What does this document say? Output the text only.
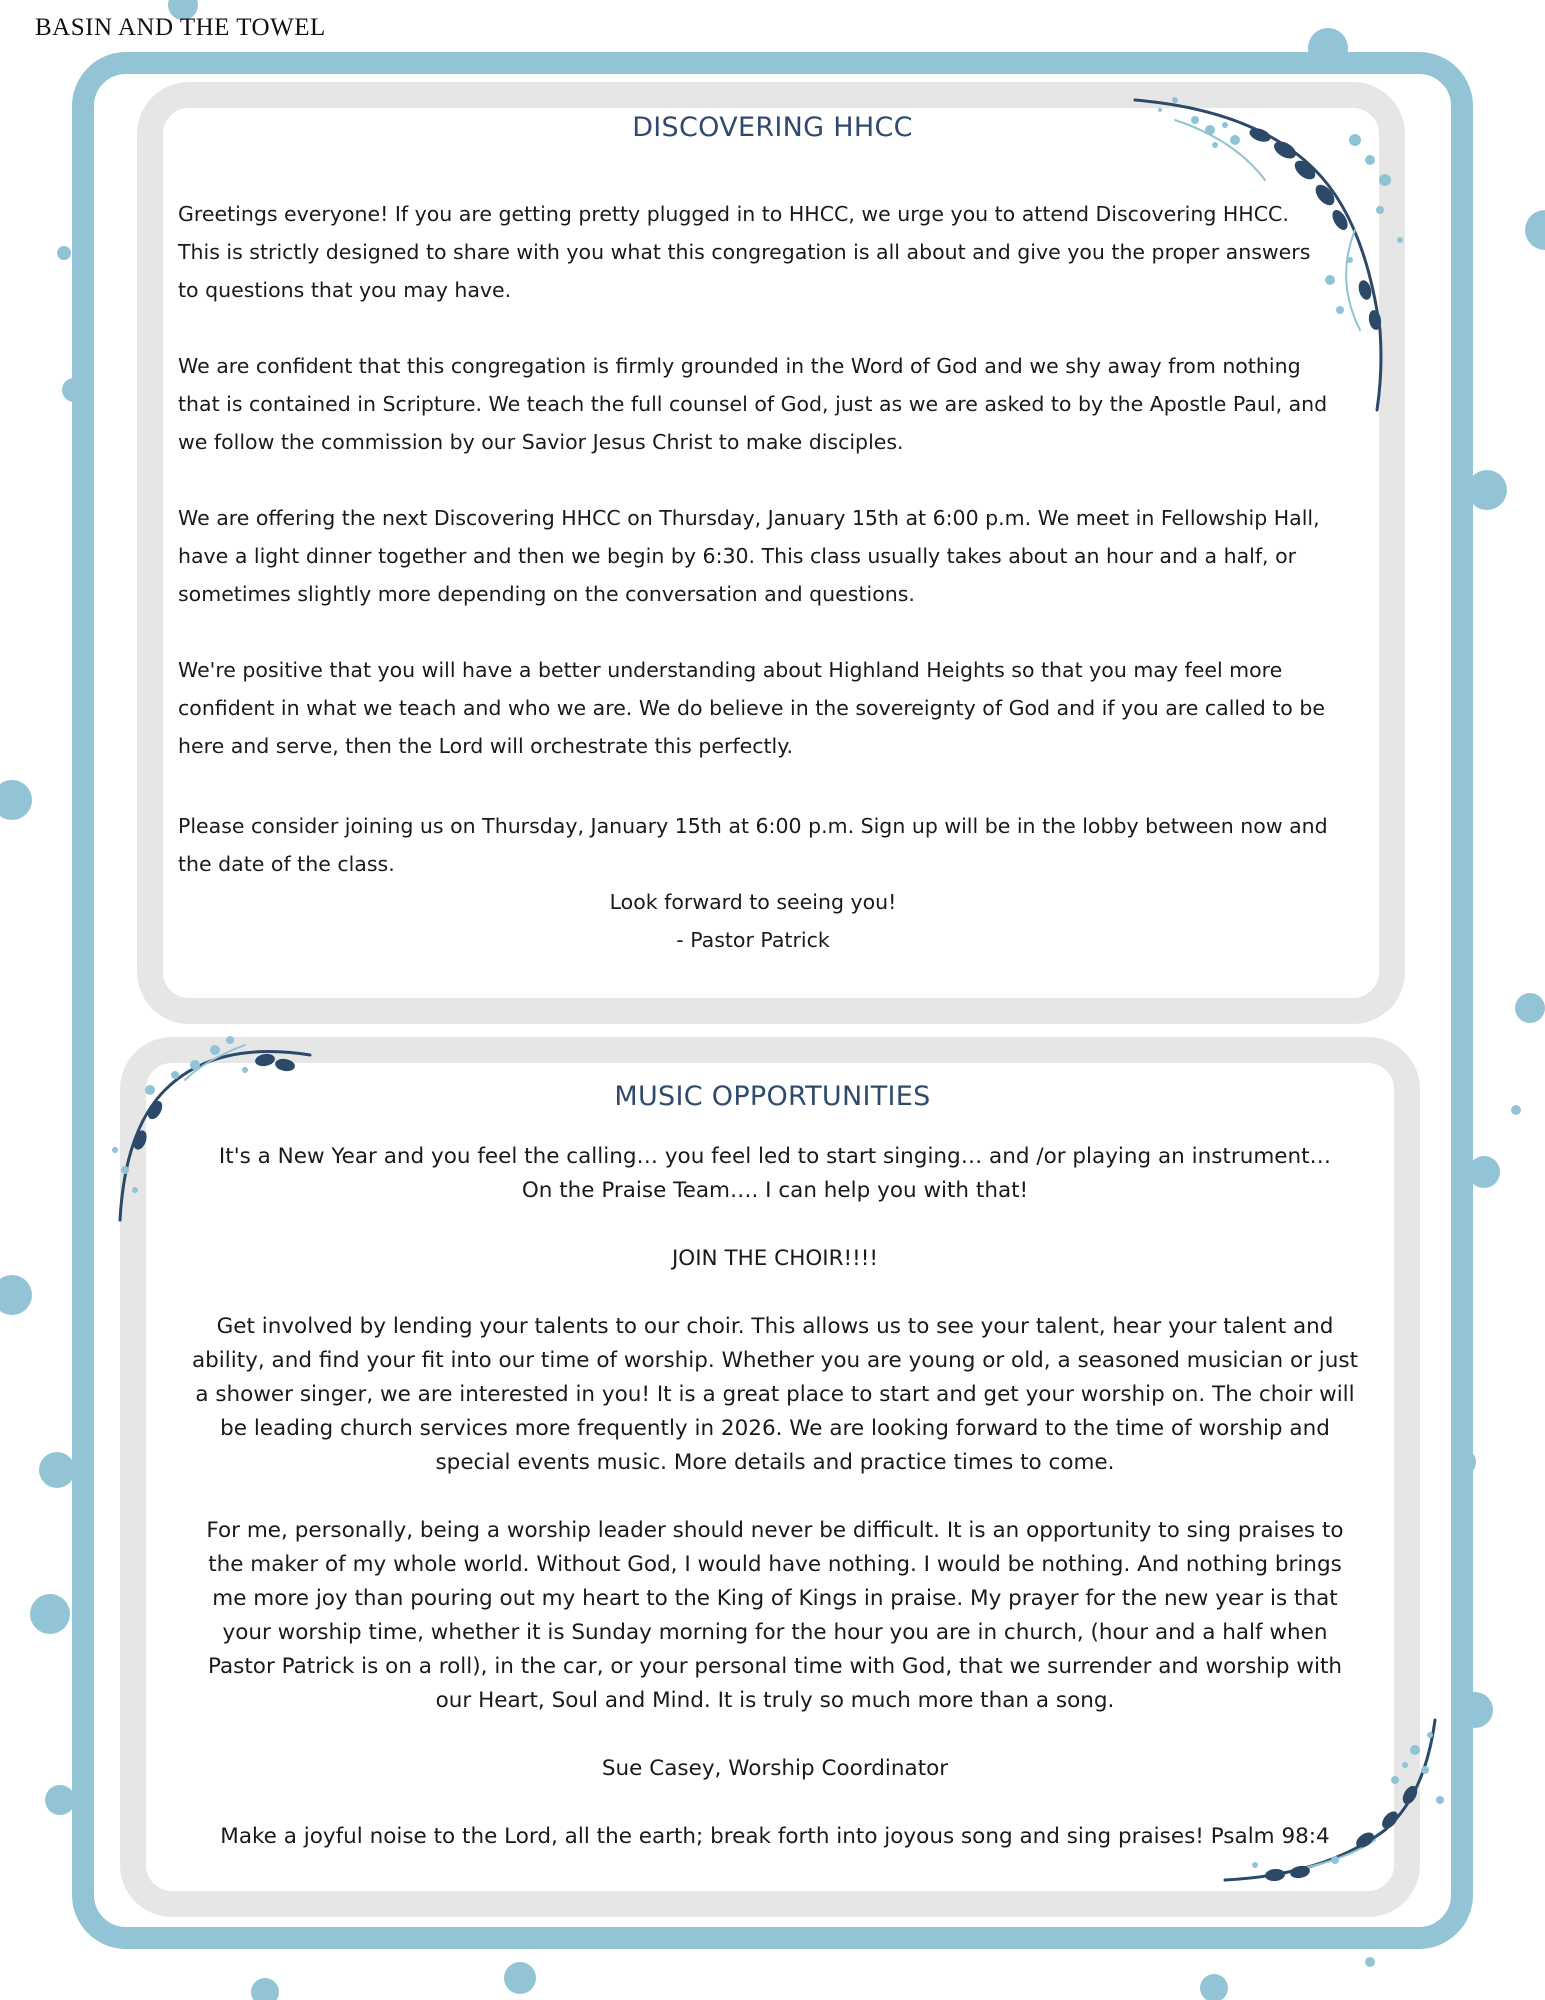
BASIN AND THE TOWEL
DISCOVERING HHCC

Greetings everyone! If you are getting pretty plugged in to HHCC, we urge you to attend Discovering HHCC. This is strictly designed to share with you what this congregation is all about and give you the proper answers to questions that you may have.

We are confident that this congregation is firmly grounded in the Word of God and we shy away from nothing that is contained in Scripture. We teach the full counsel of God, just as we are asked to by the Apostle Paul, and we follow the commission by our Savior Jesus Christ to make disciples.

We are offering the next Discovering HHCC on Thursday, January 15th at 6:00 p.m. We meet in Fellowship Hall, have a light dinner together and then we begin by 6:30. This class usually takes about an hour and a half, or sometimes slightly more depending on the conversation and questions.

We're positive that you will have a better understanding about Highland Heights so that you may feel more confident in what we teach and who we are. We do believe in the sovereignty of God and if you are called to be here and serve, then the Lord will orchestrate this perfectly.

Please consider joining us on Thursday, January 15th at 6:00 p.m. Sign up will be in the lobby between now and the date of the class.

Look forward to seeing you!
- Pastor Patrick
MUSIC OPPORTUNITIES
It's a New Year and you feel the calling… you feel led to start singing… and /or playing an instrument…

On the Praise Team…. I can help you with that!

JOIN THE CHOIR!!!!

Get involved by lending your talents to our choir. This allows us to see your talent, hear your talent and ability, and find your fit into our time of worship. Whether you are young or old, a seasoned musician or just a shower singer, we are interested in you! It is a great place to start and get your worship on. The choir will be leading church services more frequently in 2026. We are looking forward to the time of worship and special events music. More details and practice times to come.

For me, personally, being a worship leader should never be difficult. It is an opportunity to sing praises to the maker of my whole world. Without God, I would have nothing. I would be nothing. And nothing brings me more joy than pouring out my heart to the King of Kings in praise. My prayer for the new year is that your worship time, whether it is Sunday morning for the hour you are in church, (hour and a half when Pastor Patrick is on a roll), in the car, or your personal time with God, that we surrender and worship with our Heart, Soul and Mind. It is truly so much more than a song.

Sue Casey, Worship Coordinator

Make a joyful noise to the Lord, all the earth; break forth into joyous song and sing praises! Psalm 98:4
